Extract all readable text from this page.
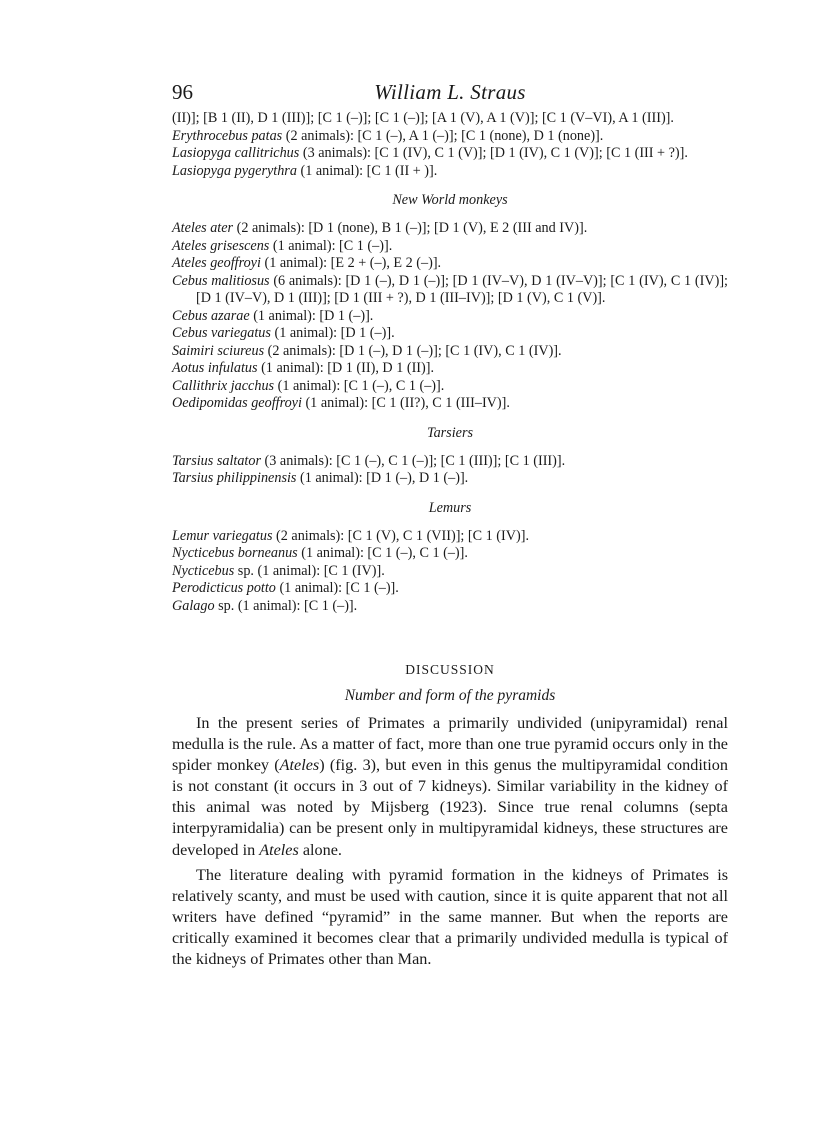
96	William L. Straus

(II)]; [B 1 (II), D 1 (III)]; [C 1 (–)]; [C 1 (–)]; [A 1 (V), A 1 (V)]; [C 1 (V–VI), A 1 (III)].

Erythrocebus patas (2 animals): [C 1 (–), A 1 (–)]; [C 1 (none), D 1 (none)].

Lasiopyga callitrichus (3 animals): [C 1 (IV), C 1 (V)]; [D 1 (IV), C 1 (V)]; [C 1 (III + ?)].

Lasiopyga pygerythra (1 animal): [C 1 (II + )].

New World monkeys

Ateles ater (2 animals): [D 1 (none), B 1 (–)]; [D 1 (V), E 2 (III and IV)].

Ateles grisescens (1 animal): [C 1 (–)].

Ateles geoffroyi (1 animal): [E 2 + (–), E 2 (–)].

Cebus malitiosus (6 animals): [D 1 (–), D 1 (–)]; [D 1 (IV–V), D 1 (IV–V)]; [C 1 (IV), C 1 (IV)]; [D 1 (IV–V), D 1 (III)]; [D 1 (III + ?), D 1 (III–IV)]; [D 1 (V), C 1 (V)].

Cebus azarae (1 animal): [D 1 (–)].

Cebus variegatus (1 animal): [D 1 (–)].

Saimiri sciureus (2 animals): [D 1 (–), D 1 (–)]; [C 1 (IV), C 1 (IV)].

Aotus infulatus (1 animal): [D 1 (II), D 1 (II)].

Callithrix jacchus (1 animal): [C 1 (–), C 1 (–)].

Oedipomidas geoffroyi (1 animal): [C 1 (II?), C 1 (III–IV)].

Tarsiers

Tarsius saltator (3 animals): [C 1 (–), C 1 (–)]; [C 1 (III)]; [C 1 (III)].

Tarsius philippinensis (1 animal): [D 1 (–), D 1 (–)].

Lemurs

Lemur variegatus (2 animals): [C 1 (V), C 1 (VII)]; [C 1 (IV)].

Nycticebus borneanus (1 animal): [C 1 (–), C 1 (–)].

Nycticebus sp. (1 animal): [C 1 (IV)].

Perodicticus potto (1 animal): [C 1 (–)].

Galago sp. (1 animal): [C 1 (–)].

DISCUSSION
Number and form of the pyramids

In the present series of Primates a primarily undivided (unipyramidal) renal medulla is the rule. As a matter of fact, more than one true pyramid occurs only in the spider monkey (Ateles) (fig. 3), but even in this genus the multipyramidal condition is not constant (it occurs in 3 out of 7 kidneys). Similar variability in the kidney of this animal was noted by Mijsberg (1923). Since true renal columns (septa interpyramidalia) can be present only in multipyramidal kidneys, these structures are developed in Ateles alone.

The literature dealing with pyramid formation in the kidneys of Primates is relatively scanty, and must be used with caution, since it is quite apparent that not all writers have defined “pyramid” in the same manner. But when the reports are critically examined it becomes clear that a primarily undivided medulla is typical of the kidneys of Primates other than Man.
